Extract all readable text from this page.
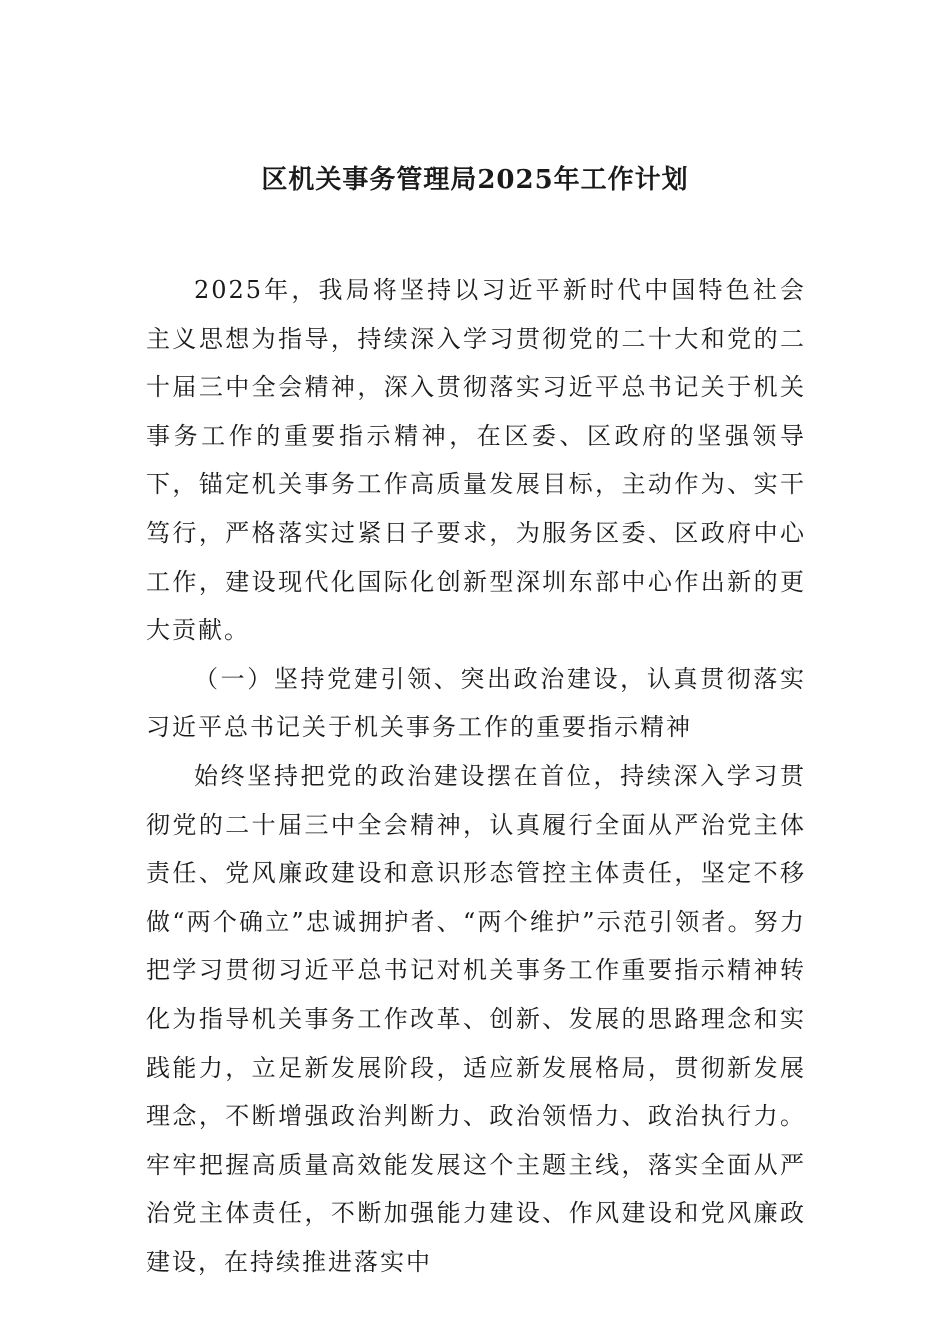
区机关事务管理局2025年工作计划

2025年，我局将坚持以习近平新时代中国特色社会主义思想为指导，持续深入学习贯彻党的二十大和党的二十届三中全会精神，深入贯彻落实习近平总书记关于机关事务工作的重要指示精神，在区委、区政府的坚强领导下，锚定机关事务工作高质量发展目标，主动作为、实干笃行，严格落实过紧日子要求，为服务区委、区政府中心工作，建设现代化国际化创新型深圳东部中心作出新的更大贡献。

（一）坚持党建引领、突出政治建设，认真贯彻落实习近平总书记关于机关事务工作的重要指示精神

始终坚持把党的政治建设摆在首位，持续深入学习贯彻党的二十届三中全会精神，认真履行全面从严治党主体责任、党风廉政建设和意识形态管控主体责任，坚定不移做“两个确立”忠诚拥护者、“两个维护”示范引领者。努力把学习贯彻习近平总书记对机关事务工作重要指示精神转化为指导机关事务工作改革、创新、发展的思路理念和实践能力，立足新发展阶段，适应新发展格局，贯彻新发展理念，不断增强政治判断力、政治领悟力、政治执行力。牢牢把握高质量高效能发展这个主题主线，落实全面从严治党主体责任，不断加强能力建设、作风建设和党风廉政建设，在持续推进落实中
